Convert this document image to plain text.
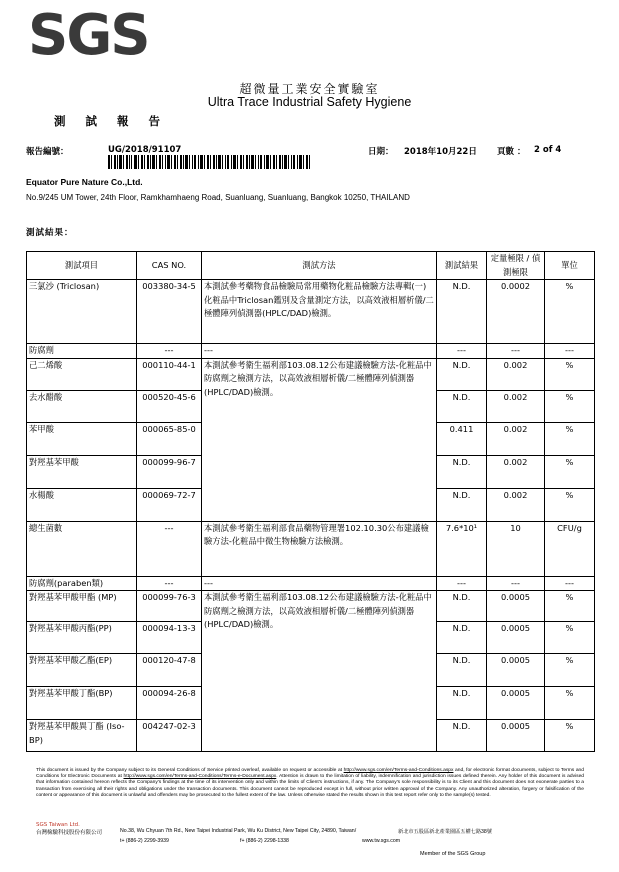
SGS
超微量工業安全實驗室
Ultra Trace Industrial Safety Hygiene
測 試 報 告
報告編號：	UG/2018/91107	日期： 2018年10月22日 頁數 ： 2 of 4
Equator Pure Nature Co.,Ltd.
No.9/245 UM Tower, 24th Floor, Ramkhamhaeng Road, Suanluang, Suanluang, Bangkok 10250, THAILAND
測試結果：
測試項目	CAS NO.	測試方法	測試結果	定量極限 / 偵測極限	單位
三氯沙 (Triclosan)	003380-34-5	本測試參考藥物食品檢驗局常用藥物化粧品檢驗方法專輯(一)化粧品中Triclosan鑑別及含量測定方法，以高效液相層析儀/二極體陣列偵測器(HPLC/DAD)檢測。	N.D.	0.0002	%
防腐劑	---	---	---	---	---
己二烯酸	000110-44-1	本測試參考衛生福利部103.08.12公布建議檢驗方法-化粧品中防腐劑之檢測方法，以高效液相層析儀/二極體陣列偵測器(HPLC/DAD)檢測。	N.D.	0.002	%
去水醋酸	000520-45-6		N.D.	0.002	%
苯甲酸	000065-85-0		0.411	0.002	%
對羥基苯甲酸	000099-96-7		N.D.	0.002	%
水楊酸	000069-72-7		N.D.	0.002	%
總生菌數	---	本測試參考衛生福利部食品藥物管理署102.10.30公布建議檢驗方法-化粧品中微生物檢驗方法檢測。	7.6*10¹	10	CFU/g
防腐劑(paraben類)	---	---	---	---	---
對羥基苯甲酸甲酯 (MP)	000099-76-3	本測試參考衛生福利部103.08.12公布建議檢驗方法-化粧品中防腐劑之檢測方法，以高效液相層析儀/二極體陣列偵測器(HPLC/DAD)檢測。	N.D.	0.0005	%
對羥基苯甲酸丙酯(PP)	000094-13-3		N.D.	0.0005	%
對羥基苯甲酸乙酯(EP)	000120-47-8		N.D.	0.0005	%
對羥基苯甲酸丁酯(BP)	000094-26-8		N.D.	0.0005	%
對羥基苯甲酸異丁酯 (Iso-BP)	004247-02-3		N.D.	0.0005	%
This document is issued by the Company subject to its General Conditions of Service printed overleaf, available on request or accessible at http://www.sgs.com/en/Terms-and-Conditions.aspx and, for electronic format documents, subject to Terms and Conditions for Electronic Documents at http://www.sgs.com/en/Terms-and-Conditions/Terms-e-Document.aspx. Attention is drawn to the limitation of liability, indemnification and jurisdiction issues defined therein. Any holder of this document is advised that information contained hereon reflects the Company's findings at the time of its intervention only and within the limits of Client's instructions, if any. The Company's sole responsibility is to its Client and this document does not exonerate parties to a transaction from exercising all their rights and obligations under the transaction documents. This document cannot be reproduced except in full, without prior written approval of the Company. Any unauthorized alteration, forgery or falsification of the content or appearance of this document is unlawful and offenders may be prosecuted to the fullest extent of the law. Unless otherwise stated the results shown in this test report refer only to the sample(s) tested.
SGS Taiwan Ltd.
台灣檢驗科技股份有限公司	No.38, Wu Chyuan 7th Rd., New Taipei Industrial Park, Wu Ku District, New Taipei City, 24890, Taiwan/	新北市五股區新北產業園區五權七路38號
t+ (886-2) 2299-3939	f+ (886-2) 2298-1338	www.tw.sgs.com
Member of the SGS Group
